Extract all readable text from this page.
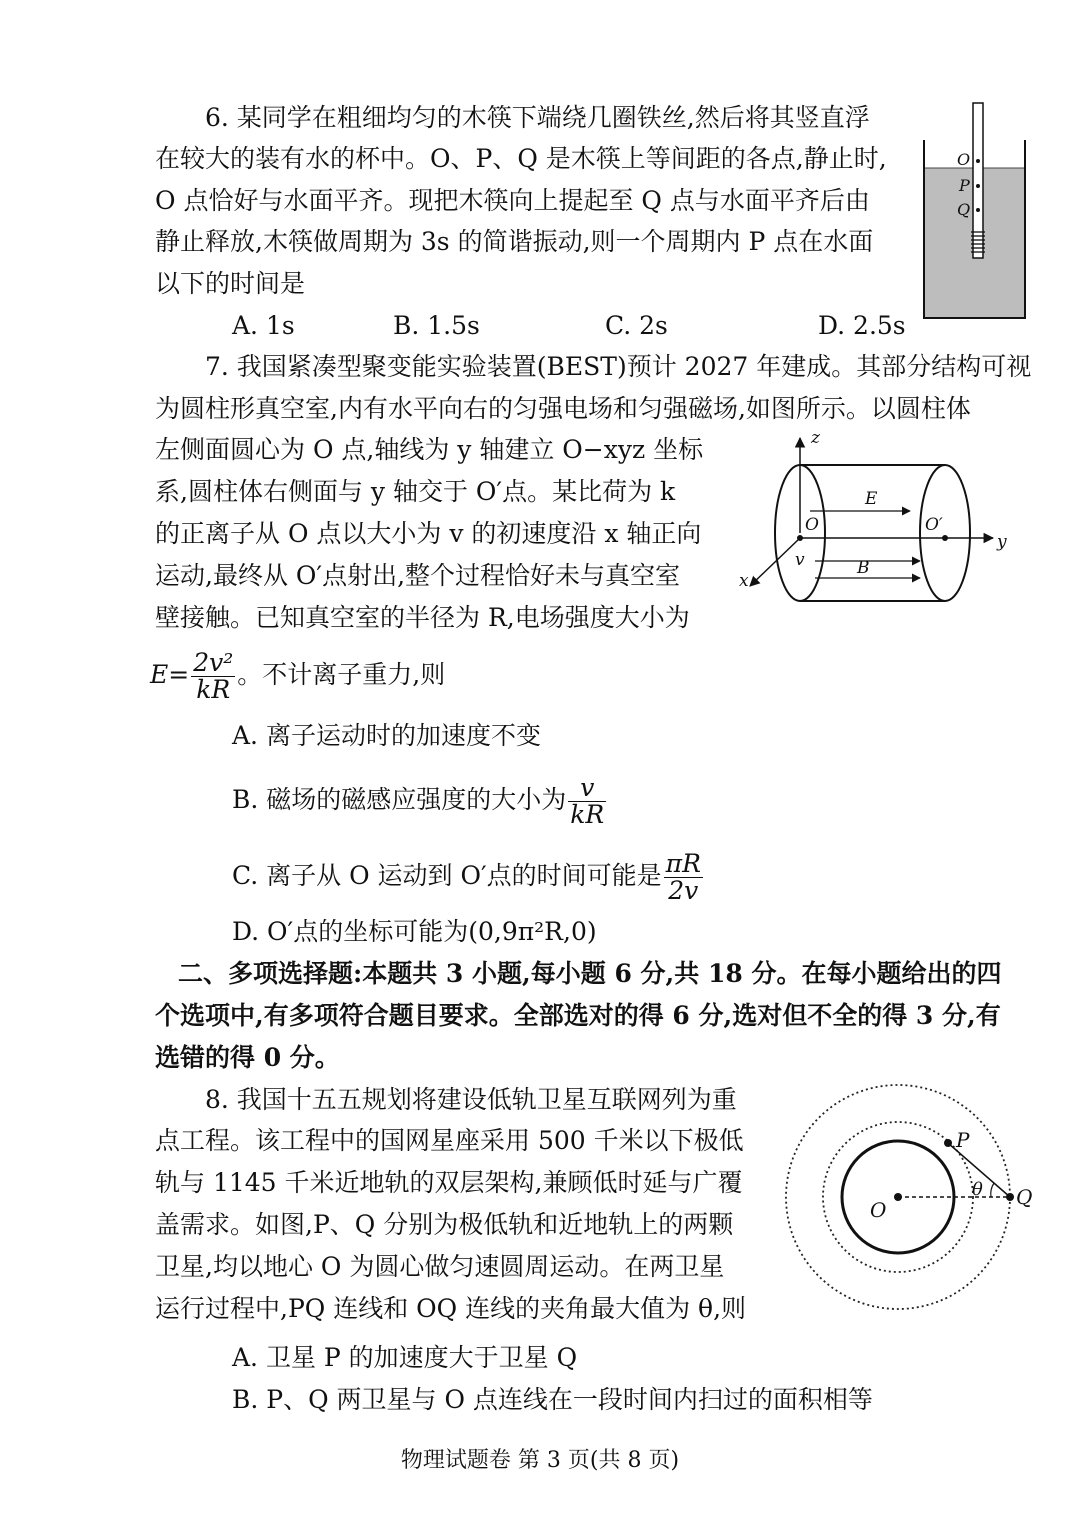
6. 某同学在粗细均匀的木筷下端绕几圈铁丝,然后将其竖直浮
在较大的装有水的杯中。O、P、Q 是木筷上等间距的各点,静止时,
O 点恰好与水面平齐。现把木筷向上提起至 Q 点与水面平齐后由
静止释放,木筷做周期为 3s 的简谐振动,则一个周期内 P 点在水面
以下的时间是
A. 1s	B. 1.5s	C. 2s	D. 2.5s
O
P
Q
7. 我国紧凑型聚变能实验装置(BEST)预计 2027 年建成。其部分结构可视
为圆柱形真空室,内有水平向右的匀强电场和匀强磁场,如图所示。以圆柱体
左侧面圆心为 O 点,轴线为 y 轴建立 O−xyz 坐标
系,圆柱体右侧面与 y 轴交于 O′点。某比荷为 k
的正离子从 O 点以大小为 v 的初速度沿 x 轴正向
运动,最终从 O′点射出,整个过程恰好未与真空室
壁接触。已知真空室的半径为 R,电场强度大小为
$E= \frac{\text{2v²}}{kR}$ 。不计离子重力,则
A. 离子运动时的加速度不变
B. 磁场的磁感应强度的大小为 $\frac{v}{kR}$
C. 离子从 O 运动到 O′点的时间可能是 $\frac{\pi R}{2v}$
D. O′点的坐标可能为(0,9π²R,0)
z
y
x
O	O′
E
B
v
二、多项选择题:本题共 3 小题,每小题 6 分,共 18 分。在每小题给出的四
个选项中,有多项符合题目要求。全部选对的得 6 分,选对但不全的得 3 分,有
选错的得 0 分。
8. 我国十五五规划将建设低轨卫星互联网列为重
点工程。该工程中的国网星座采用 500 千米以下极低
轨与 1145 千米近地轨的双层架构,兼顾低时延与广覆
盖需求。如图,P、Q 分别为极低轨和近地轨上的两颗
卫星,均以地心 O 为圆心做匀速圆周运动。在两卫星
运行过程中,PQ 连线和 OQ 连线的夹角最大值为 θ,则
A. 卫星 P 的加速度大于卫星 Q
B. P、Q 两卫星与 O 点连线在一段时间内扫过的面积相等
P
Q
O
θ
物理试题卷 第 3 页(共 8 页)
